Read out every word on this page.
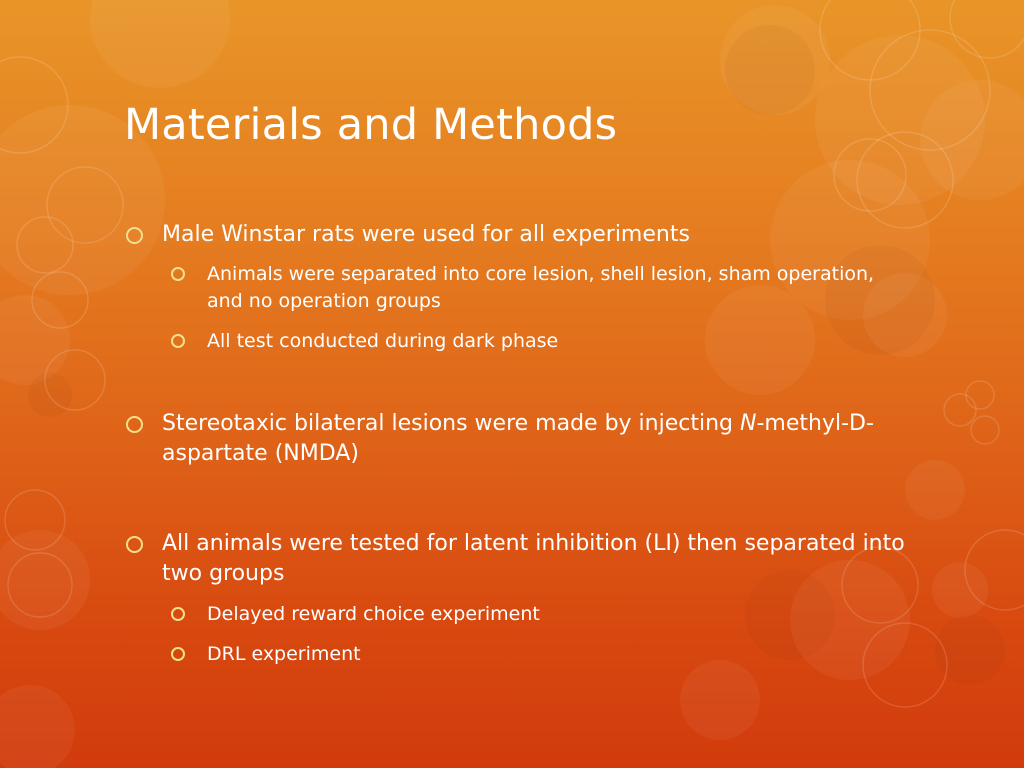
Materials and Methods
Male Winstar rats were used for all experiments
Animals were separated into core lesion, shell lesion, sham operation, and no operation groups
All test conducted during dark phase
Stereotaxic bilateral lesions were made by injecting N-methyl-D-aspartate (NMDA)
All animals were tested for latent inhibition (LI) then separated into two groups
Delayed reward choice experiment
DRL experiment
